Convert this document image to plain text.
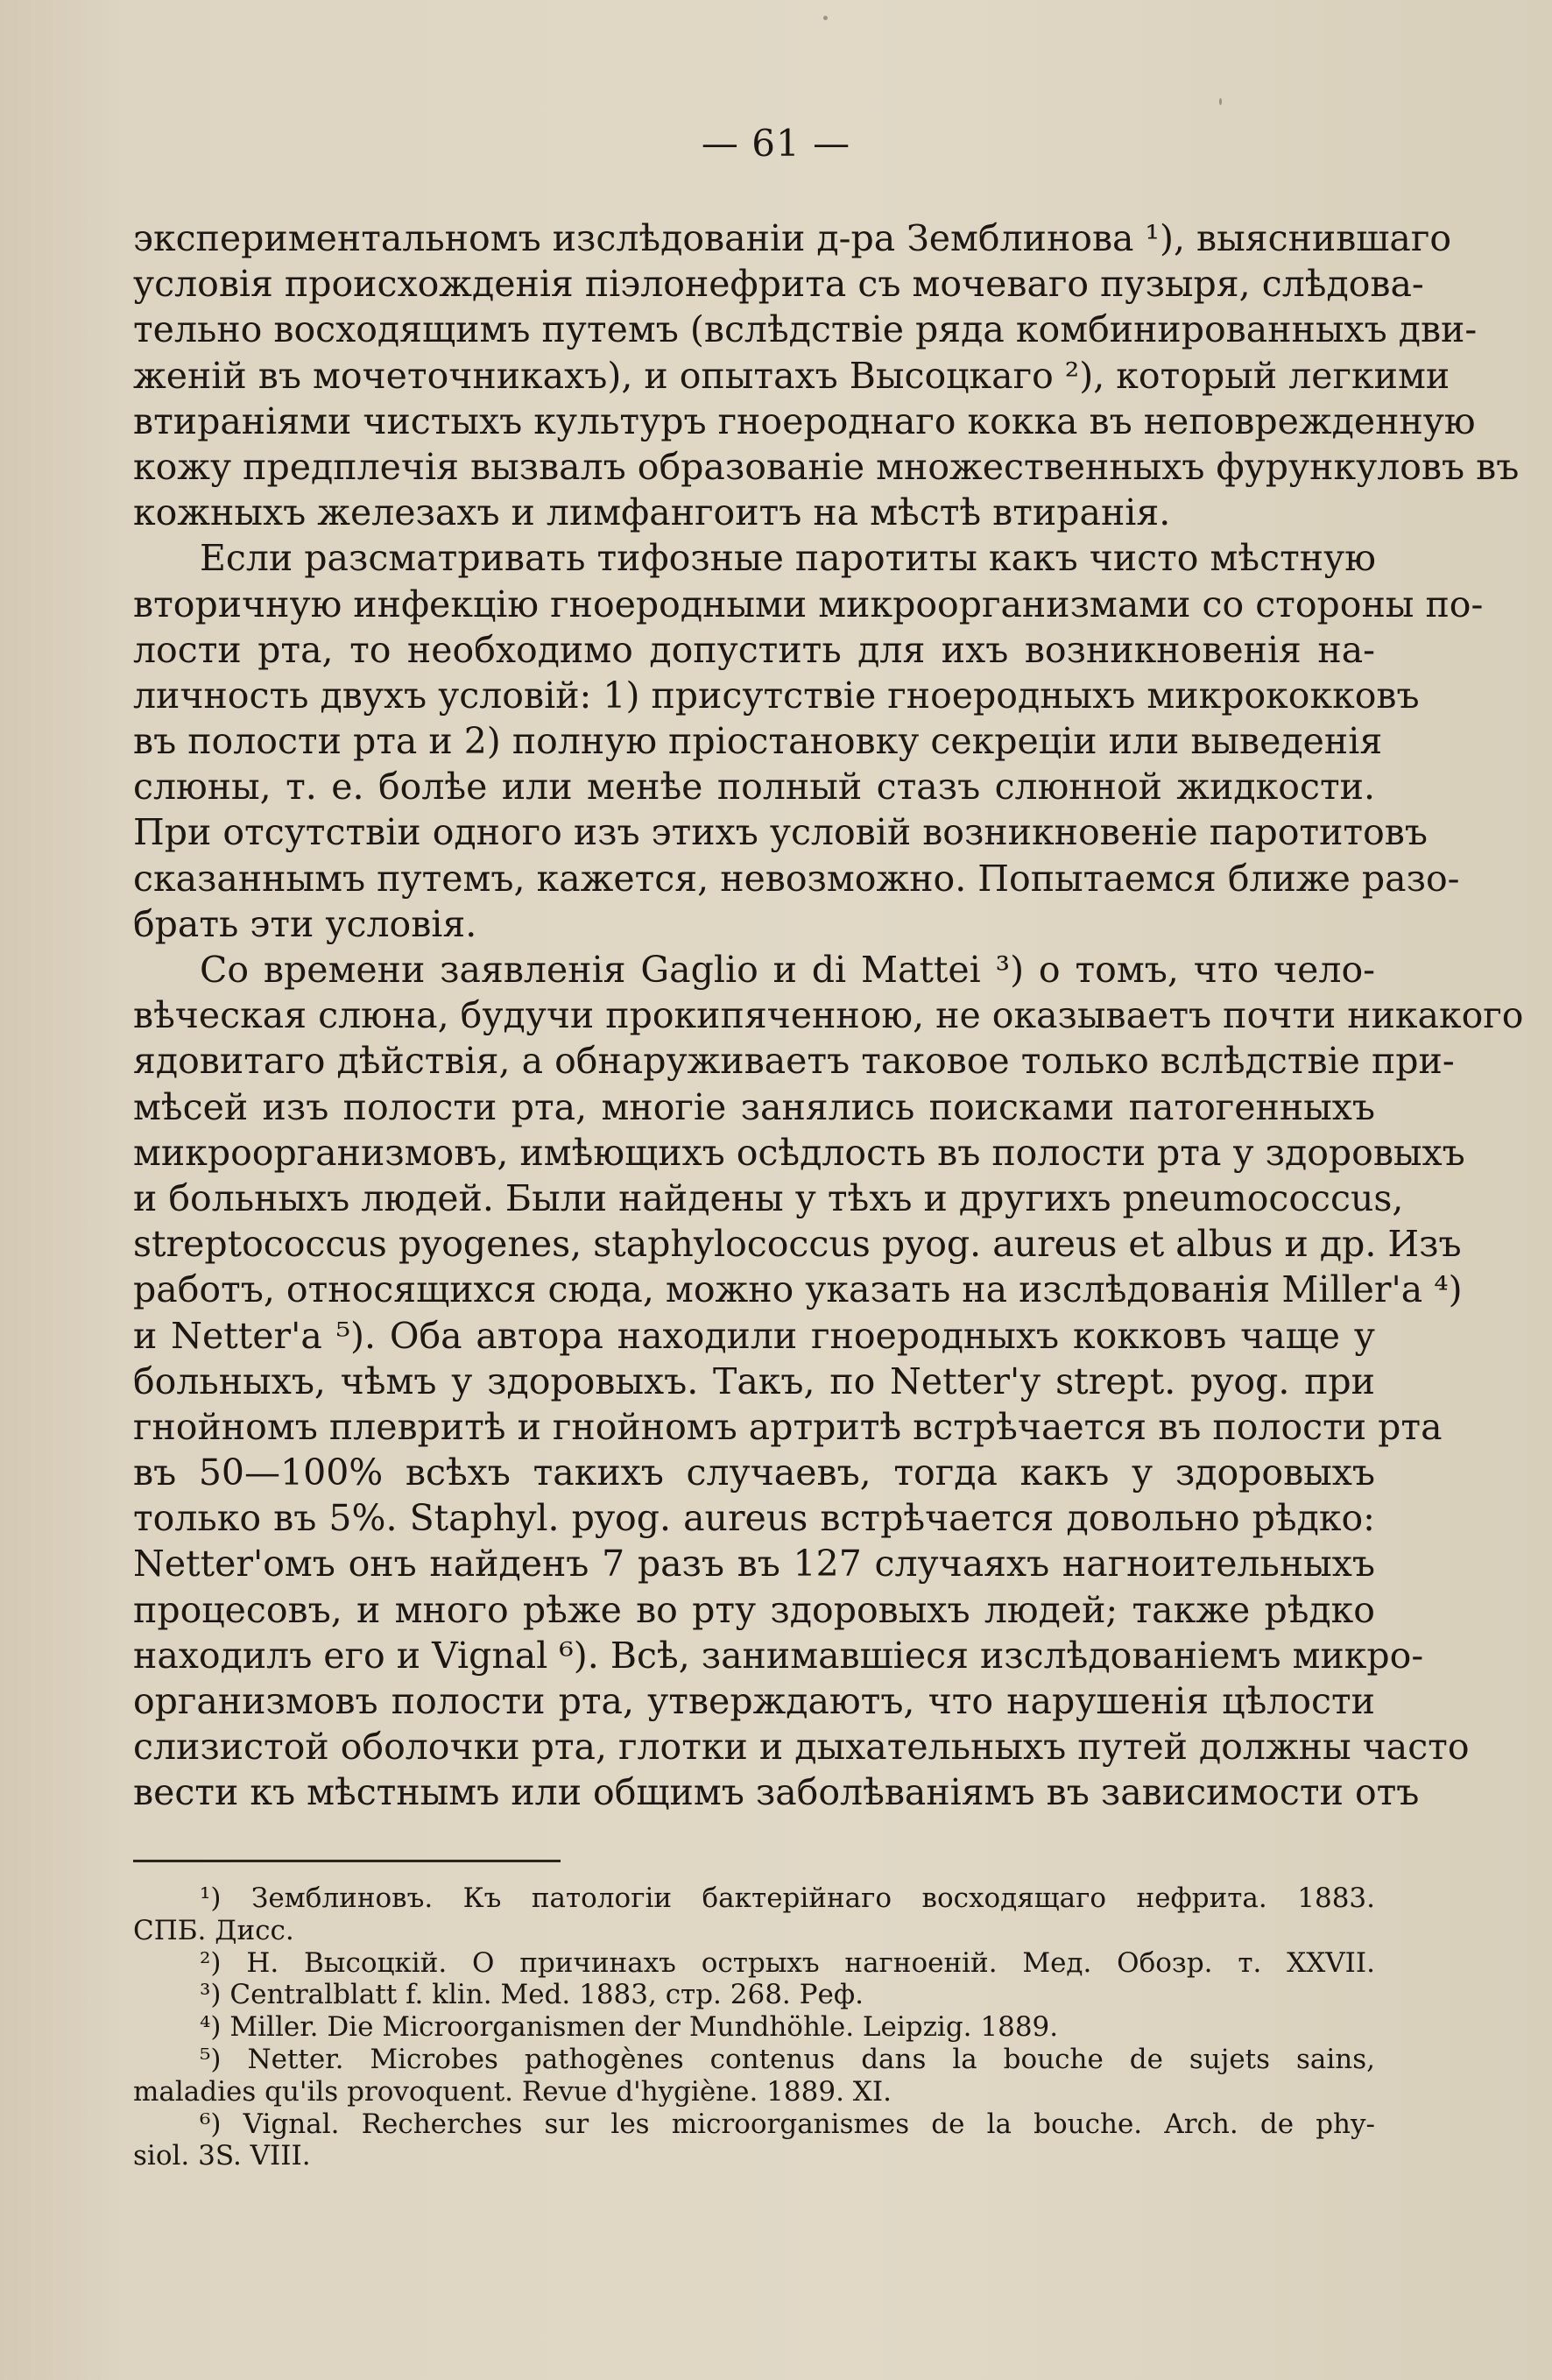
— 61 —
экспериментальномъ изслѣдованіи д-ра Земблинова ¹), выяснившаго
условія происхожденія піэлонефрита съ мочеваго пузыря, слѣдова-
тельно восходящимъ путемъ (вслѣдствіе ряда комбинированныхъ дви-
женій въ мочеточникахъ), и опытахъ Высоцкаго ²), который легкими
втираніями чистыхъ культуръ гноероднаго кокка въ неповрежденную
кожу предплечія вызвалъ образованіе множественныхъ фурункуловъ въ
кожныхъ железахъ и лимфангоитъ на мѣстѣ втиранія.
Если разсматривать тифозные паротиты какъ чисто мѣстную
вторичную инфекцію гноеродными микроорганизмами со стороны по-
лости рта, то необходимо допустить для ихъ возникновенія на-
личность двухъ условій: 1) присутствіе гноеродныхъ микрококковъ
въ полости рта и 2) полную пріостановку секреціи или выведенія
слюны, т. е. болѣе или менѣе полный стазъ слюнной жидкости.
При отсутствіи одного изъ этихъ условій возникновеніе паротитовъ
сказаннымъ путемъ, кажется, невозможно. Попытаемся ближе разо-
брать эти условія.
Со времени заявленія Gaglio и di Mattei ³) о томъ, что чело-
вѣческая слюна, будучи прокипяченною, не оказываетъ почти никакого
ядовитаго дѣйствія, а обнаруживаетъ таковое только вслѣдствіе при-
мѣсей изъ полости рта, многіе занялись поисками патогенныхъ
микроорганизмовъ, имѣющихъ осѣдлость въ полости рта у здоровыхъ
и больныхъ людей. Были найдены у тѣхъ и другихъ pneumococcus,
streptococcus pyogenes, staphylococcus pyog. aureus et albus и др. Изъ
работъ, относящихся сюда, можно указать на изслѣдованія Miller'а ⁴)
и Netter'а ⁵). Оба автора находили гноеродныхъ кокковъ чаще у
больныхъ, чѣмъ у здоровыхъ. Такъ, по Netter'у strept. pyog. при
гнойномъ плевритѣ и гнойномъ артритѣ встрѣчается въ полости рта
въ 50—100% всѣхъ такихъ случаевъ, тогда какъ у здоровыхъ
только въ 5%. Staphyl. pyog. aureus встрѣчается довольно рѣдко:
Netter'омъ онъ найденъ 7 разъ въ 127 случаяхъ нагноительныхъ
процесовъ, и много рѣже во рту здоровыхъ людей; также рѣдко
находилъ его и Vignal ⁶). Всѣ, занимавшіеся изслѣдованіемъ микро-
организмовъ полости рта, утверждаютъ, что нарушенія цѣлости
слизистой оболочки рта, глотки и дыхательныхъ путей должны часто
вести къ мѣстнымъ или общимъ заболѣваніямъ въ зависимости отъ
¹) Земблиновъ. Къ патологіи бактерійнаго восходящаго нефрита. 1883.
СПБ. Дисс.
²) Н. Высоцкій. О причинахъ острыхъ нагноеній. Мед. Обозр. т. XXVII.
³) Centralblatt f. klin. Med. 1883, стр. 268. Реф.
⁴) Miller. Die Microorganismen der Mundhöhle. Leipzig. 1889.
⁵) Netter. Microbes pathogènes contenus dans la bouche de sujets sains,
maladies qu'ils provoquent. Revue d'hygiène. 1889. XI.
⁶) Vignal. Recherches sur les microorganismes de la bouche. Arch. de phy-
siol. 3S. VIII.
